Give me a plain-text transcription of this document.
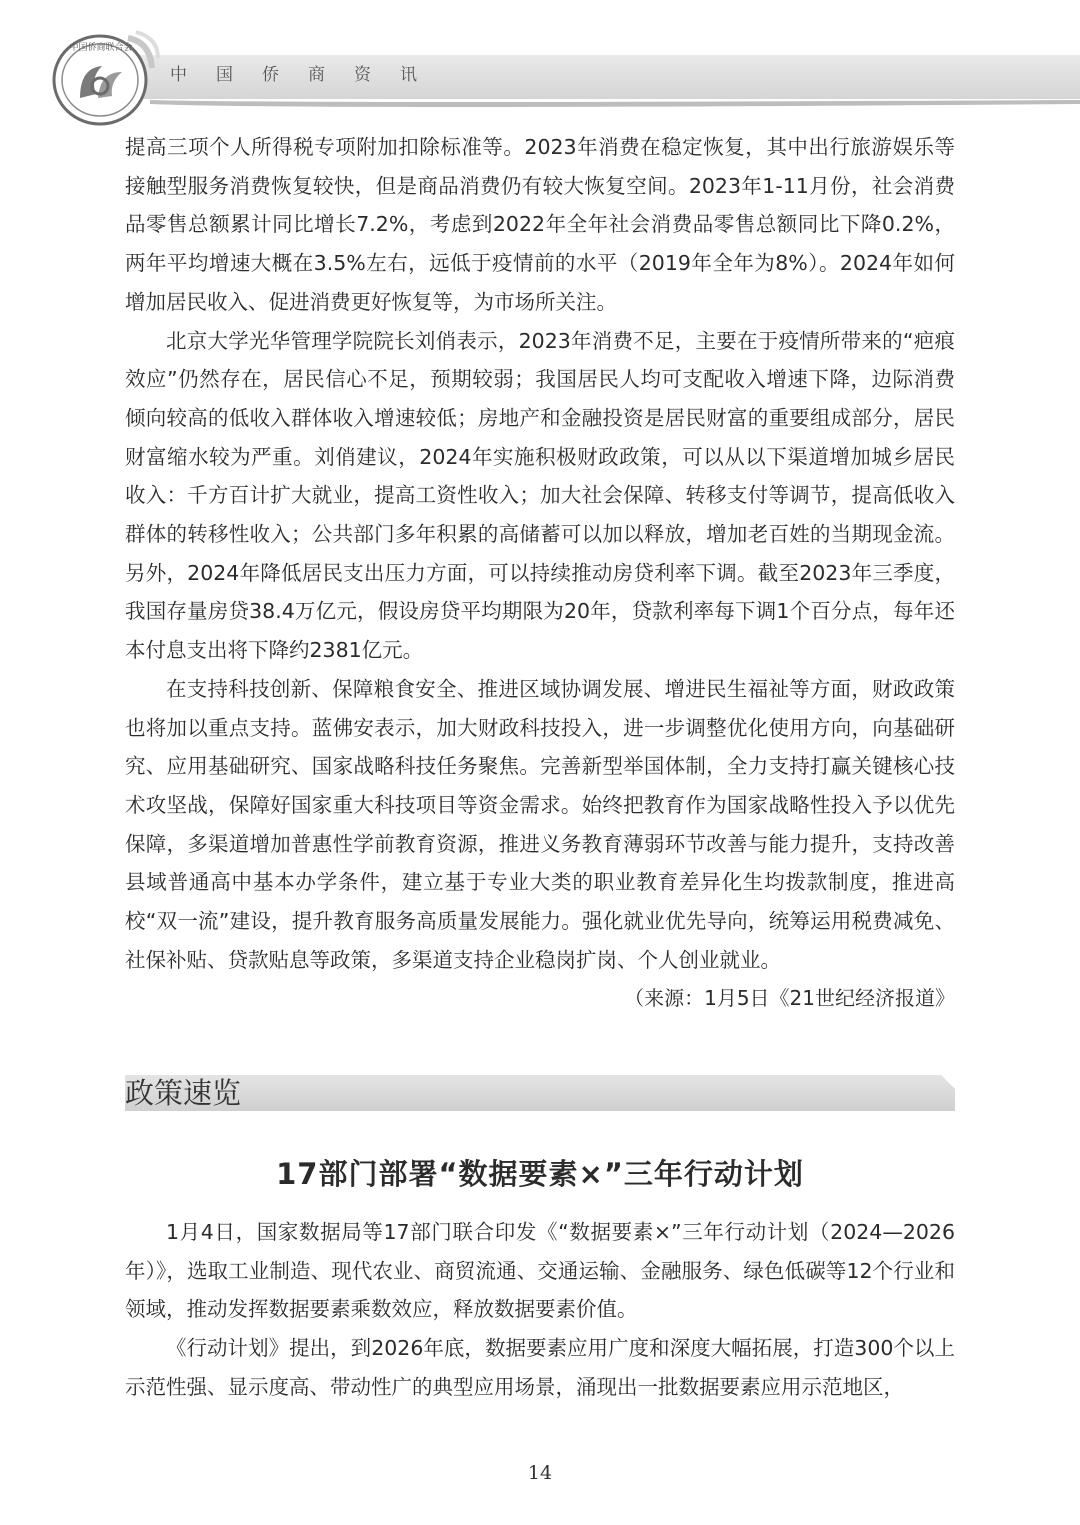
中国侨商资讯
中国侨商联合会

提高三项个人所得税专项附加扣除标准等。2023年消费在稳定恢复，其中出行旅游娱乐等接触型服务消费恢复较快，但是商品消费仍有较大恢复空间。2023年1-11月份，社会消费品零售总额累计同比增长7.2%，考虑到2022年全年社会消费品零售总额同比下降0.2%，两年平均增速大概在3.5%左右，远低于疫情前的水平（2019年全年为8%）。2024年如何增加居民收入、促进消费更好恢复等，为市场所关注。

北京大学光华管理学院院长刘俏表示，2023年消费不足，主要在于疫情所带来的“疤痕效应”仍然存在，居民信心不足，预期较弱；我国居民人均可支配收入增速下降，边际消费倾向较高的低收入群体收入增速较低；房地产和金融投资是居民财富的重要组成部分，居民财富缩水较为严重。刘俏建议，2024年实施积极财政政策，可以从以下渠道增加城乡居民收入：千方百计扩大就业，提高工资性收入；加大社会保障、转移支付等调节，提高低收入群体的转移性收入；公共部门多年积累的高储蓄可以加以释放，增加老百姓的当期现金流。另外，2024年降低居民支出压力方面，可以持续推动房贷利率下调。截至2023年三季度，我国存量房贷38.4万亿元，假设房贷平均期限为20年，贷款利率每下调1个百分点，每年还本付息支出将下降约2381亿元。

在支持科技创新、保障粮食安全、推进区域协调发展、增进民生福祉等方面，财政政策也将加以重点支持。蓝佛安表示，加大财政科技投入，进一步调整优化使用方向，向基础研究、应用基础研究、国家战略科技任务聚焦。完善新型举国体制，全力支持打赢关键核心技术攻坚战，保障好国家重大科技项目等资金需求。始终把教育作为国家战略性投入予以优先保障，多渠道增加普惠性学前教育资源，推进义务教育薄弱环节改善与能力提升，支持改善县域普通高中基本办学条件，建立基于专业大类的职业教育差异化生均拨款制度，推进高校“双一流”建设，提升教育服务高质量发展能力。强化就业优先导向，统筹运用税费减免、社保补贴、贷款贴息等政策，多渠道支持企业稳岗扩岗、个人创业就业。

（来源：1月5日《21世纪经济报道》

政策速览
17部门部署“数据要素×”三年行动计划

1月4日，国家数据局等17部门联合印发《“数据要素×”三年行动计划（2024—2026年）》，选取工业制造、现代农业、商贸流通、交通运输、金融服务、绿色低碳等12个行业和领域，推动发挥数据要素乘数效应，释放数据要素价值。

《行动计划》提出，到2026年底，数据要素应用广度和深度大幅拓展，打造300个以上示范性强、显示度高、带动性广的典型应用场景，涌现出一批数据要素应用示范地区，

14
